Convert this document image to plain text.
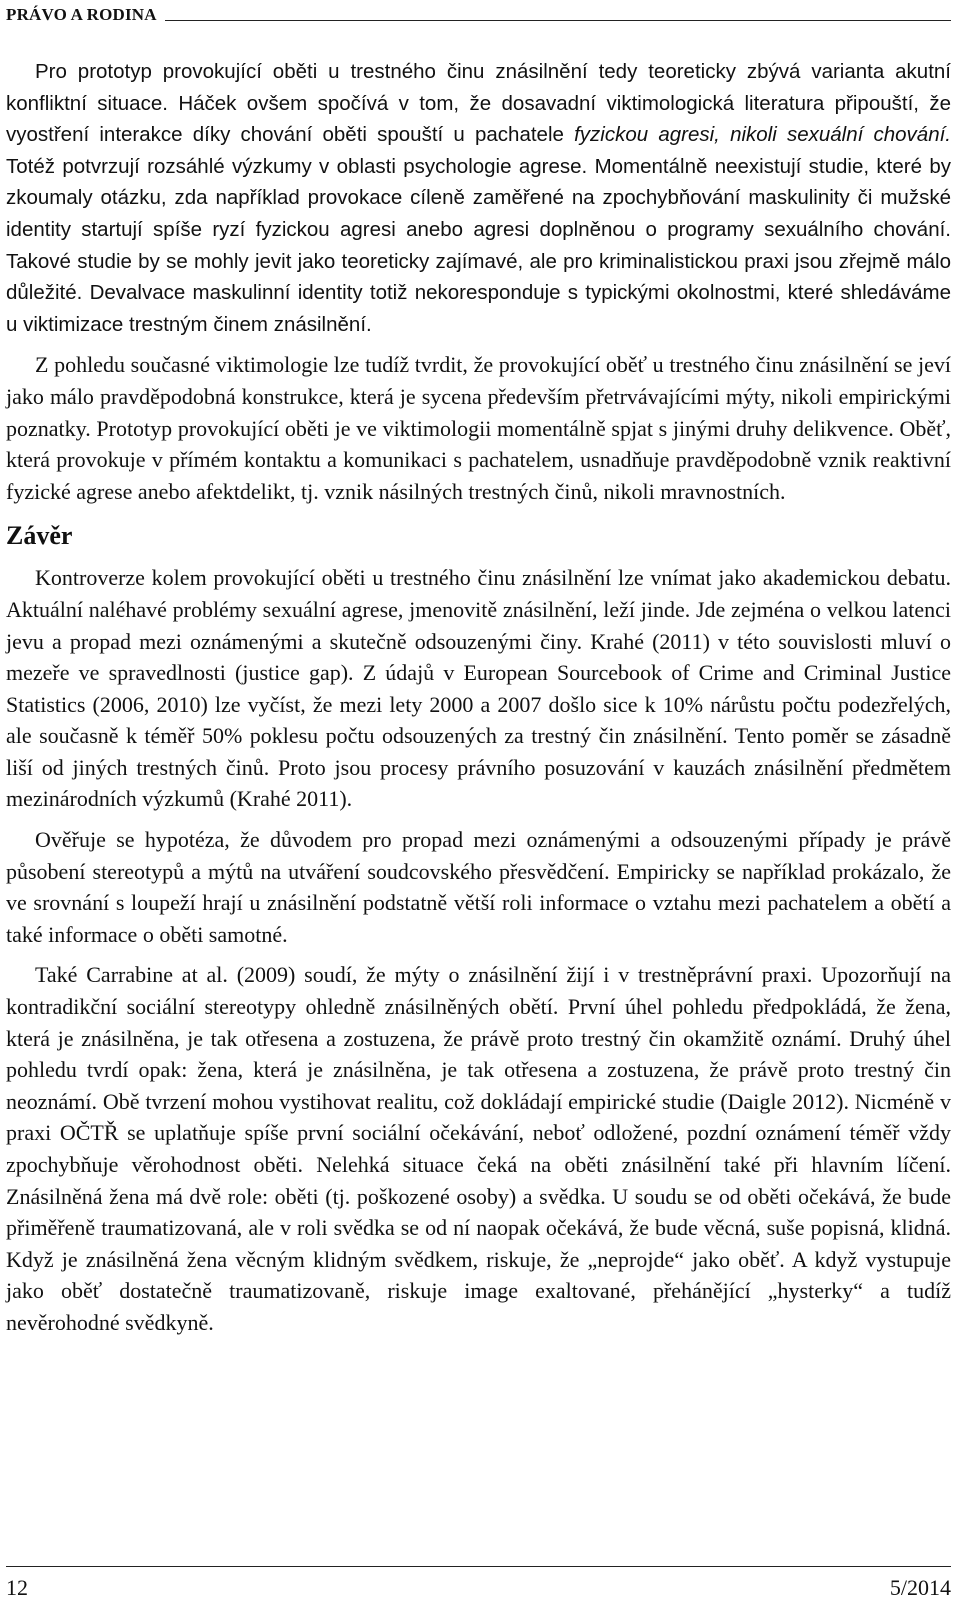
PRÁVO A RODINA

Pro prototyp provokující oběti u trestného činu znásilnění tedy teoreticky zbývá varianta akutní konfliktní situace. Háček ovšem spočívá v tom, že dosavadní viktimologická literatura připouští, že vyostření interakce díky chování oběti spouští u pachatele fyzickou agresi, nikoli sexuální chování. Totéž potvrzují rozsáhlé výzkumy v oblasti psychologie agrese. Momentálně neexistují studie, které by zkoumaly otázku, zda například provokace cíleně zaměřené na zpochybňování maskulinity či mužské identity startují spíše ryzí fyzickou agresi anebo agresi doplněnou o programy sexuálního chování. Takové studie by se mohly jevit jako teoreticky zajímavé, ale pro kriminalistickou praxi jsou zřejmě málo důležité. Devalvace maskulinní identity totiž nekoresponduje s typickými okolnostmi, které shledáváme u viktimizace trestným činem znásilnění.

Z pohledu současné viktimologie lze tudíž tvrdit, že provokující oběť u trestného činu znásilnění se jeví jako málo pravděpodobná konstrukce, která je sycena především přetrvávajícími mýty, nikoli empirickými poznatky. Prototyp provokující oběti je ve viktimologii momentálně spjat s jinými druhy delikvence. Oběť, která provokuje v přímém kontaktu a komunikaci s pachatelem, usnadňuje pravděpodobně vznik reaktivní fyzické agrese anebo afektdelikt, tj. vznik násilných trestných činů, nikoli mravnostních.

Závěr

Kontroverze kolem provokující oběti u trestného činu znásilnění lze vnímat jako akademickou debatu. Aktuální naléhavé problémy sexuální agrese, jmenovitě znásilnění, leží jinde. Jde zejména o velkou latenci jevu a propad mezi oznámenými a skutečně odsouzenými činy. Krahé (2011) v této souvislosti mluví o mezeře ve spravedlnosti (justice gap). Z údajů v European Sourcebook of Crime and Criminal Justice Statistics (2006, 2010) lze vyčíst, že mezi lety 2000 a 2007 došlo sice k 10% nárůstu počtu podezřelých, ale současně k téměř 50% poklesu počtu odsouzených za trestný čin znásilnění. Tento poměr se zásadně liší od jiných trestných činů. Proto jsou procesy právního posuzování v kauzách znásilnění předmětem mezinárodních výzkumů (Krahé 2011).

Ověřuje se hypotéza, že důvodem pro propad mezi oznámenými a odsouzenými případy je právě působení stereotypů a mýtů na utváření soudcovského přesvědčení. Empiricky se například prokázalo, že ve srovnání s loupeží hrají u znásilnění podstatně větší roli informace o vztahu mezi pachatelem a obětí a také informace o oběti samotné.

Také Carrabine at al. (2009) soudí, že mýty o znásilnění žijí i v trestněprávní praxi. Upozorňují na kontradikční sociální stereotypy ohledně znásilněných obětí. První úhel pohledu předpokládá, že žena, která je znásilněna, je tak otřesena a zostuzena, že právě proto trestný čin okamžitě oznámí. Druhý úhel pohledu tvrdí opak: žena, která je znásilněna, je tak otřesena a zostuzena, že právě proto trestný čin neoznámí. Obě tvrzení mohou vystihovat realitu, což dokládají empirické studie (Daigle 2012). Nicméně v praxi OČTŘ se uplatňuje spíše první sociální očekávání, neboť odložené, pozdní oznámení téměř vždy zpochybňuje věrohodnost oběti. Nelehká situace čeká na oběti znásilnění také při hlavním líčení. Znásilněná žena má dvě role: oběti (tj. poškozené osoby) a svědka. U soudu se od oběti očekává, že bude přiměřeně traumatizovaná, ale v roli svědka se od ní naopak očekává, že bude věcná, suše popisná, klidná. Když je znásilněná žena věcným klidným svědkem, riskuje, že „neprojde“ jako oběť. A když vystupuje jako oběť dostatečně traumatizovaně, riskuje image exaltované, přehánějící „hysterky“ a tudíž nevěrohodné svědkyně.

12	5/2014
